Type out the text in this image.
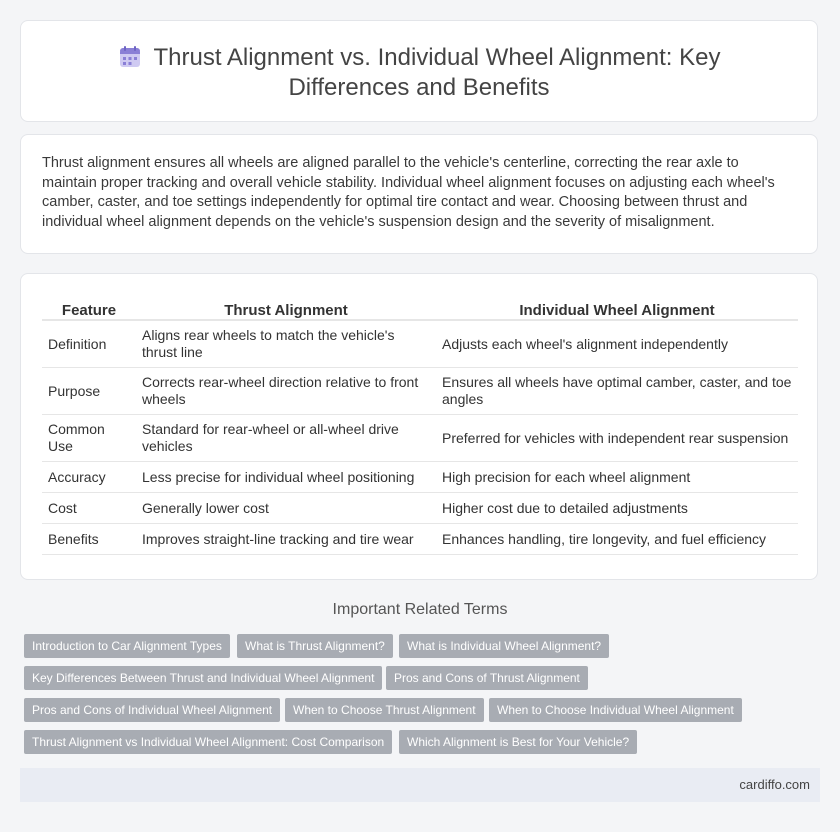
Thrust Alignment vs. Individual Wheel Alignment: Key Differences and Benefits

Thrust alignment ensures all wheels are aligned parallel to the vehicle's centerline, correcting the rear axle to maintain proper tracking and overall vehicle stability. Individual wheel alignment focuses on adjusting each wheel's camber, caster, and toe settings independently for optimal tire contact and wear. Choosing between thrust and individual wheel alignment depends on the vehicle's suspension design and the severity of misalignment.

Feature	Thrust Alignment	Individual Wheel Alignment
Definition	Aligns rear wheels to match the vehicle's thrust line	Adjusts each wheel's alignment independently
Purpose	Corrects rear-wheel direction relative to front wheels	Ensures all wheels have optimal camber, caster, and toe angles
Common Use	Standard for rear-wheel or all-wheel drive vehicles	Preferred for vehicles with independent rear suspension
Accuracy	Less precise for individual wheel positioning	High precision for each wheel alignment
Cost	Generally lower cost	Higher cost due to detailed adjustments
Benefits	Improves straight-line tracking and tire wear	Enhances handling, tire longevity, and fuel efficiency
Important Related Terms
Introduction to Car Alignment Types	What is Thrust Alignment?	What is Individual Wheel Alignment?
Key Differences Between Thrust and Individual Wheel Alignment	Pros and Cons of Thrust Alignment
Pros and Cons of Individual Wheel Alignment	When to Choose Thrust Alignment	When to Choose Individual Wheel Alignment
Thrust Alignment vs Individual Wheel Alignment: Cost Comparison	Which Alignment is Best for Your Vehicle?
cardiffo.com
